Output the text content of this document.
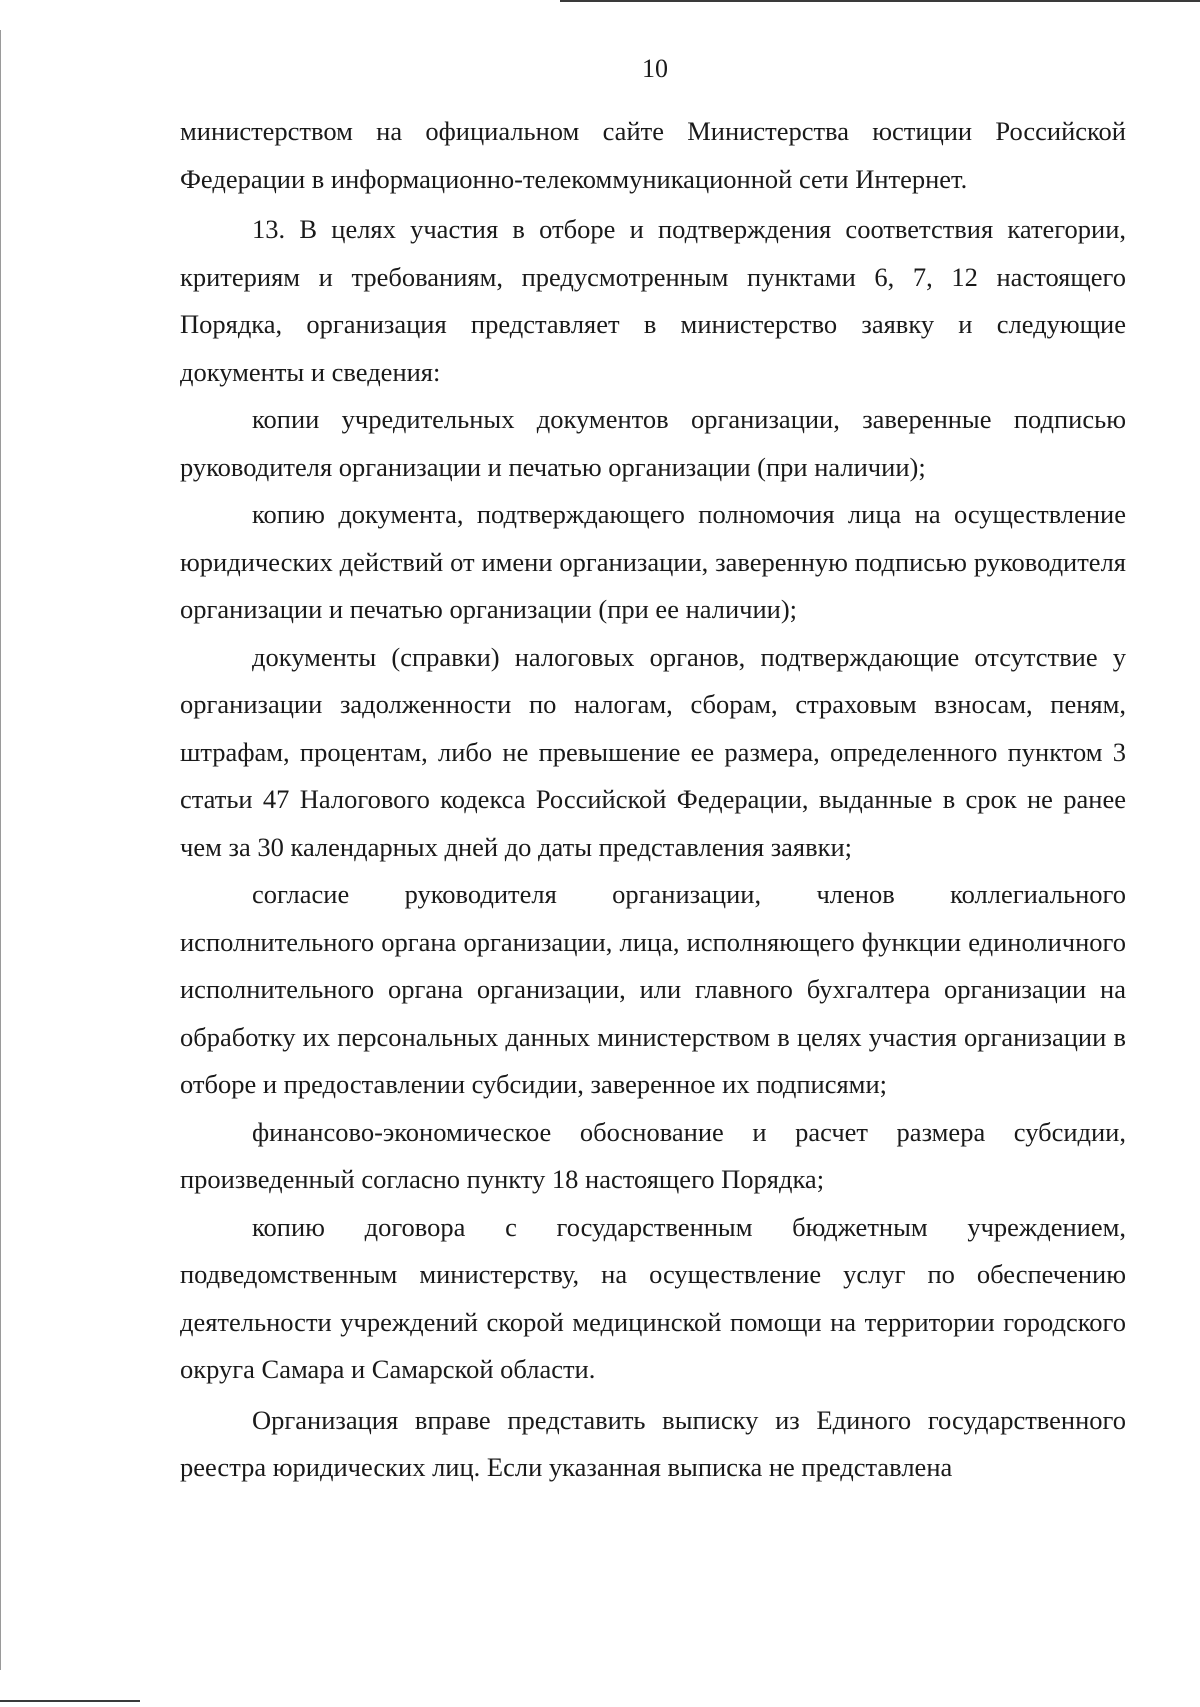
10

министерством на официальном сайте Министерства юстиции Российской Федерации в информационно-телекоммуникационной сети Интернет.

13. В целях участия в отборе и подтверждения соответствия категории, критериям и требованиям, предусмотренным пунктами 6, 7, 12 настоящего Порядка, организация представляет в министерство заявку и следующие документы и сведения:

копии учредительных документов организации, заверенные подписью руководителя организации и печатью организации (при наличии);

копию документа, подтверждающего полномочия лица на осуществление юридических действий от имени организации, заверенную подписью руководителя организации и печатью организации (при ее наличии);

документы (справки) налоговых органов, подтверждающие отсутствие у организации задолженности по налогам, сборам, страховым взносам, пеням, штрафам, процентам, либо не превышение ее размера, определенного пунктом 3 статьи 47 Налогового кодекса Российской Федерации, выданные в срок не ранее чем за 30 календарных дней до даты представления заявки;

согласие руководителя организации, членов коллегиального исполнительного органа организации, лица, исполняющего функции единоличного исполнительного органа организации, или главного бухгалтера организации на обработку их персональных данных министерством в целях участия организации в отборе и предоставлении субсидии, заверенное их подписями;

финансово-экономическое обоснование и расчет размера субсидии, произведенный согласно пункту 18 настоящего Порядка;

копию договора с государственным бюджетным учреждением, подведомственным министерству, на осуществление услуг по обеспечению деятельности учреждений скорой медицинской помощи на территории городского округа Самара и Самарской области.

Организация вправе представить выписку из Единого государственного реестра юридических лиц. Если указанная выписка не представлена
